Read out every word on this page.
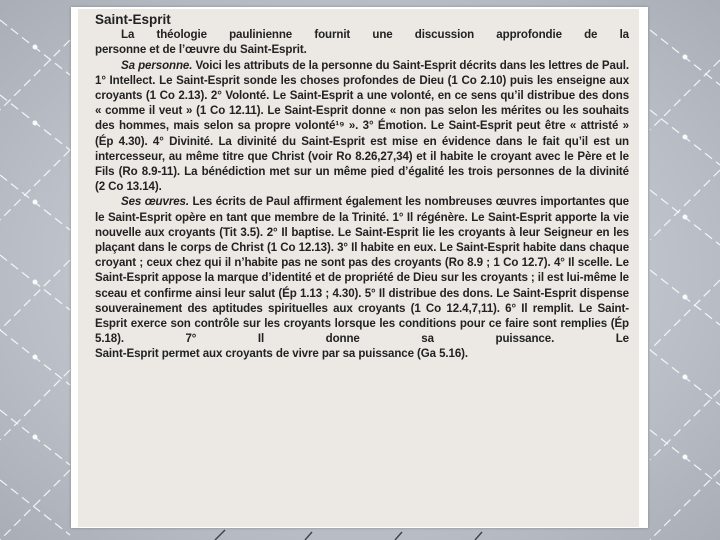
Saint-Esprit

La théologie paulinienne fournit une discussion approfondie de la
personne et de l’œuvre du Saint-Esprit.

Sa personne. Voici les attributs de la personne du Saint-Esprit décrits dans les lettres de Paul. 1° Intellect. Le Saint-Esprit sonde les choses profondes de Dieu (1 Co 2.10) puis les enseigne aux croyants (1 Co 2.13). 2° Volonté. Le Saint-Esprit a une volonté, en ce sens qu’il distribue des dons « comme il veut » (1 Co 12.11). Le Saint-Esprit donne « non pas selon les mérites ou les souhaits des hommes, mais selon sa propre volonté¹⁹ ». 3° Émotion. Le Saint-Esprit peut être « attristé » (Ép 4.30). 4° Divinité. La divinité du Saint-Esprit est mise en évidence dans le fait qu’il est un intercesseur, au même titre que Christ (voir Ro 8.26,27,34) et il habite le croyant avec le Père et le Fils (Ro 8.9-11). La bénédiction met sur un même pied d’égalité les trois personnes de la divinité
(2 Co 13.14).

Ses œuvres. Les écrits de Paul affirment également les nombreuses œuvres importantes que le Saint-Esprit opère en tant que membre de la Trinité. 1° Il régénère. Le Saint-Esprit apporte la vie nouvelle aux croyants (Tit 3.5). 2° Il baptise. Le Saint-Esprit lie les croyants à leur Seigneur en les plaçant dans le corps de Christ (1 Co 12.13). 3° Il habite en eux. Le Saint-Esprit habite dans chaque croyant ; ceux chez qui il n’habite pas ne sont pas des croyants (Ro 8.9 ; 1 Co 12.7). 4° Il scelle. Le Saint-Esprit appose la marque d’identité et de propriété de Dieu sur les croyants ; il est lui-même le sceau et confirme ainsi leur salut (Ép 1.13 ; 4.30). 5° Il distribue des dons. Le Saint-Esprit dispense souverainement des aptitudes spirituelles aux croyants (1 Co 12.4,7,11). 6° Il remplit. Le Saint-Esprit exerce son contrôle sur les croyants lorsque les conditions pour ce faire sont remplies (Ép 5.18). 7° Il donne sa puissance. Le
Saint-Esprit permet aux croyants de vivre par sa puissance (Ga 5.16).
